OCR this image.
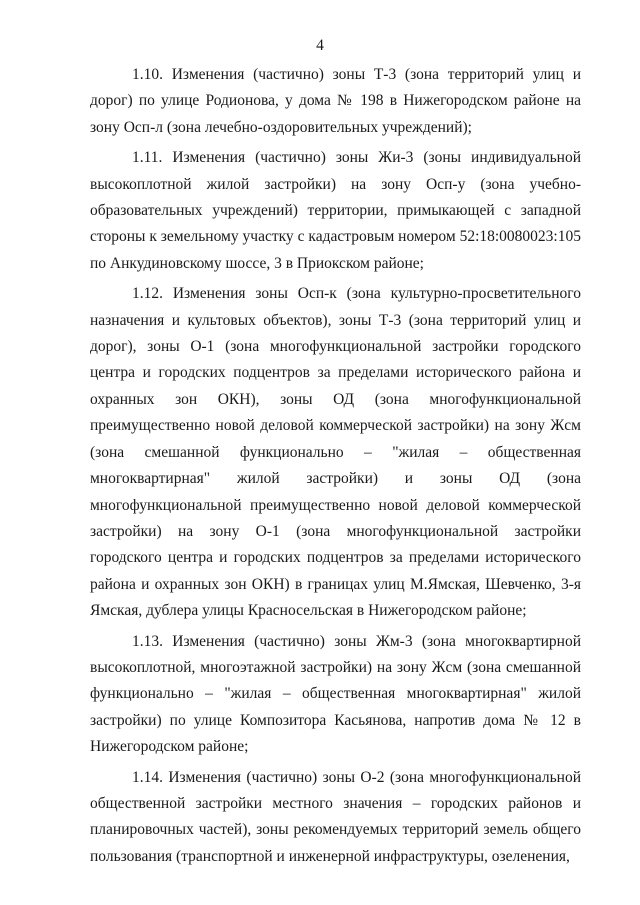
4

1.10. Изменения (частично) зоны Т-3 (зона территорий улиц и дорог) по улице Родионова, у дома № 198 в Нижегородском районе на зону Осп-л (зона лечебно-оздоровительных учреждений);

1.11. Изменения (частично) зоны Жи-3 (зоны индивидуальной высокоплотной жилой застройки) на зону Осп-у (зона учебно-образовательных учреждений) территории, примыкающей с западной стороны к земельному участку с кадастровым номером 52:18:0080023:105 по Анкудиновскому шоссе, 3 в Приокском районе;

1.12. Изменения зоны Осп-к (зона культурно-просветительного назначения и культовых объектов), зоны Т-3 (зона территорий улиц и дорог), зоны О-1 (зона многофункциональной застройки городского центра и городских подцентров за пределами исторического района и охранных зон ОКН), зоны ОД (зона многофункциональной преимущественно новой деловой коммерческой застройки) на зону Жсм (зона смешанной функционально – "жилая – общественная многоквартирная" жилой застройки) и зоны ОД (зона многофункциональной преимущественно новой деловой коммерческой застройки) на зону О-1 (зона многофункциональной застройки городского центра и городских подцентров за пределами исторического района и охранных зон ОКН) в границах улиц М.Ямская, Шевченко, 3-я Ямская, дублера улицы Красносельская в Нижегородском районе;

1.13. Изменения (частично) зоны Жм-3 (зона многоквартирной высокоплотной, многоэтажной застройки) на зону Жсм (зона смешанной функционально – "жилая – общественная многоквартирная" жилой застройки) по улице Композитора Касьянова, напротив дома № 12 в Нижегородском районе;

1.14. Изменения (частично) зоны О-2 (зона многофункциональной общественной застройки местного значения – городских районов и планировочных частей), зоны рекомендуемых территорий земель общего пользования (транспортной и инженерной инфраструктуры, озеленения,
